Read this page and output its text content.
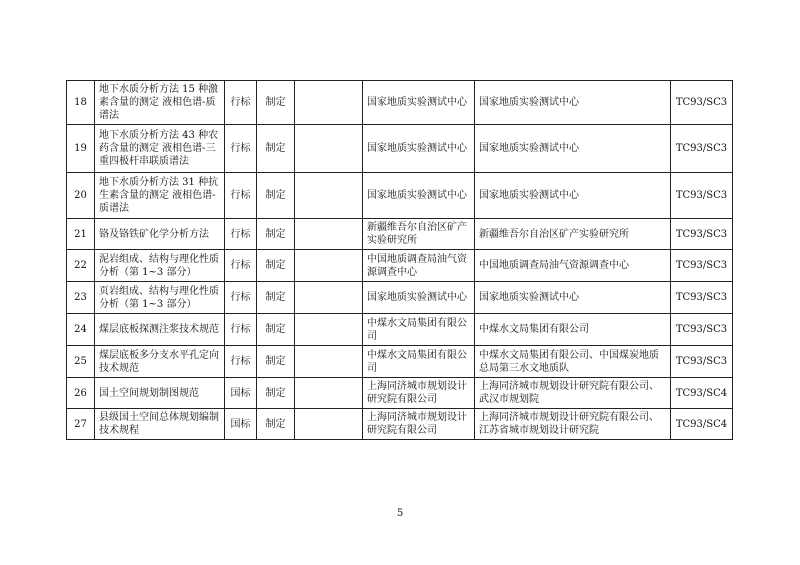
18	地下水质分析方法 15 种激素含量的测定 液相色谱-质谱法	行标	制定		国家地质实验测试中心	国家地质实验测试中心	TC93/SC3
19	地下水质分析方法 43 种农药含量的测定 液相色谱-三重四极杆串联质谱法	行标	制定		国家地质实验测试中心	国家地质实验测试中心	TC93/SC3
20	地下水质分析方法 31 种抗生素含量的测定 液相色谱-质谱法	行标	制定		国家地质实验测试中心	国家地质实验测试中心	TC93/SC3
21	铬及铬铁矿化学分析方法	行标	制定		新疆维吾尔自治区矿产实验研究所	新疆维吾尔自治区矿产实验研究所	TC93/SC3
22	泥岩组成、结构与理化性质分析（第 1~3 部分）	行标	制定		中国地质调查局油气资源调查中心	中国地质调查局油气资源调查中心	TC93/SC3
23	页岩组成、结构与理化性质分析（第 1~3 部分）	行标	制定		国家地质实验测试中心	国家地质实验测试中心	TC93/SC3
24	煤层底板探测注浆技术规范	行标	制定		中煤水文局集团有限公司	中煤水文局集团有限公司	TC93/SC3
25	煤层底板多分支水平孔定向技术规范	行标	制定		中煤水文局集团有限公司	中煤水文局集团有限公司、中国煤炭地质总局第三水文地质队	TC93/SC3
26	国土空间规划制图规范	国标	制定		上海同济城市规划设计研究院有限公司	上海同济城市规划设计研究院有限公司、武汉市规划院	TC93/SC4
27	县级国土空间总体规划编制技术规程	国标	制定		上海同济城市规划设计研究院有限公司	上海同济城市规划设计研究院有限公司、江苏省城市规划设计研究院	TC93/SC4
5
